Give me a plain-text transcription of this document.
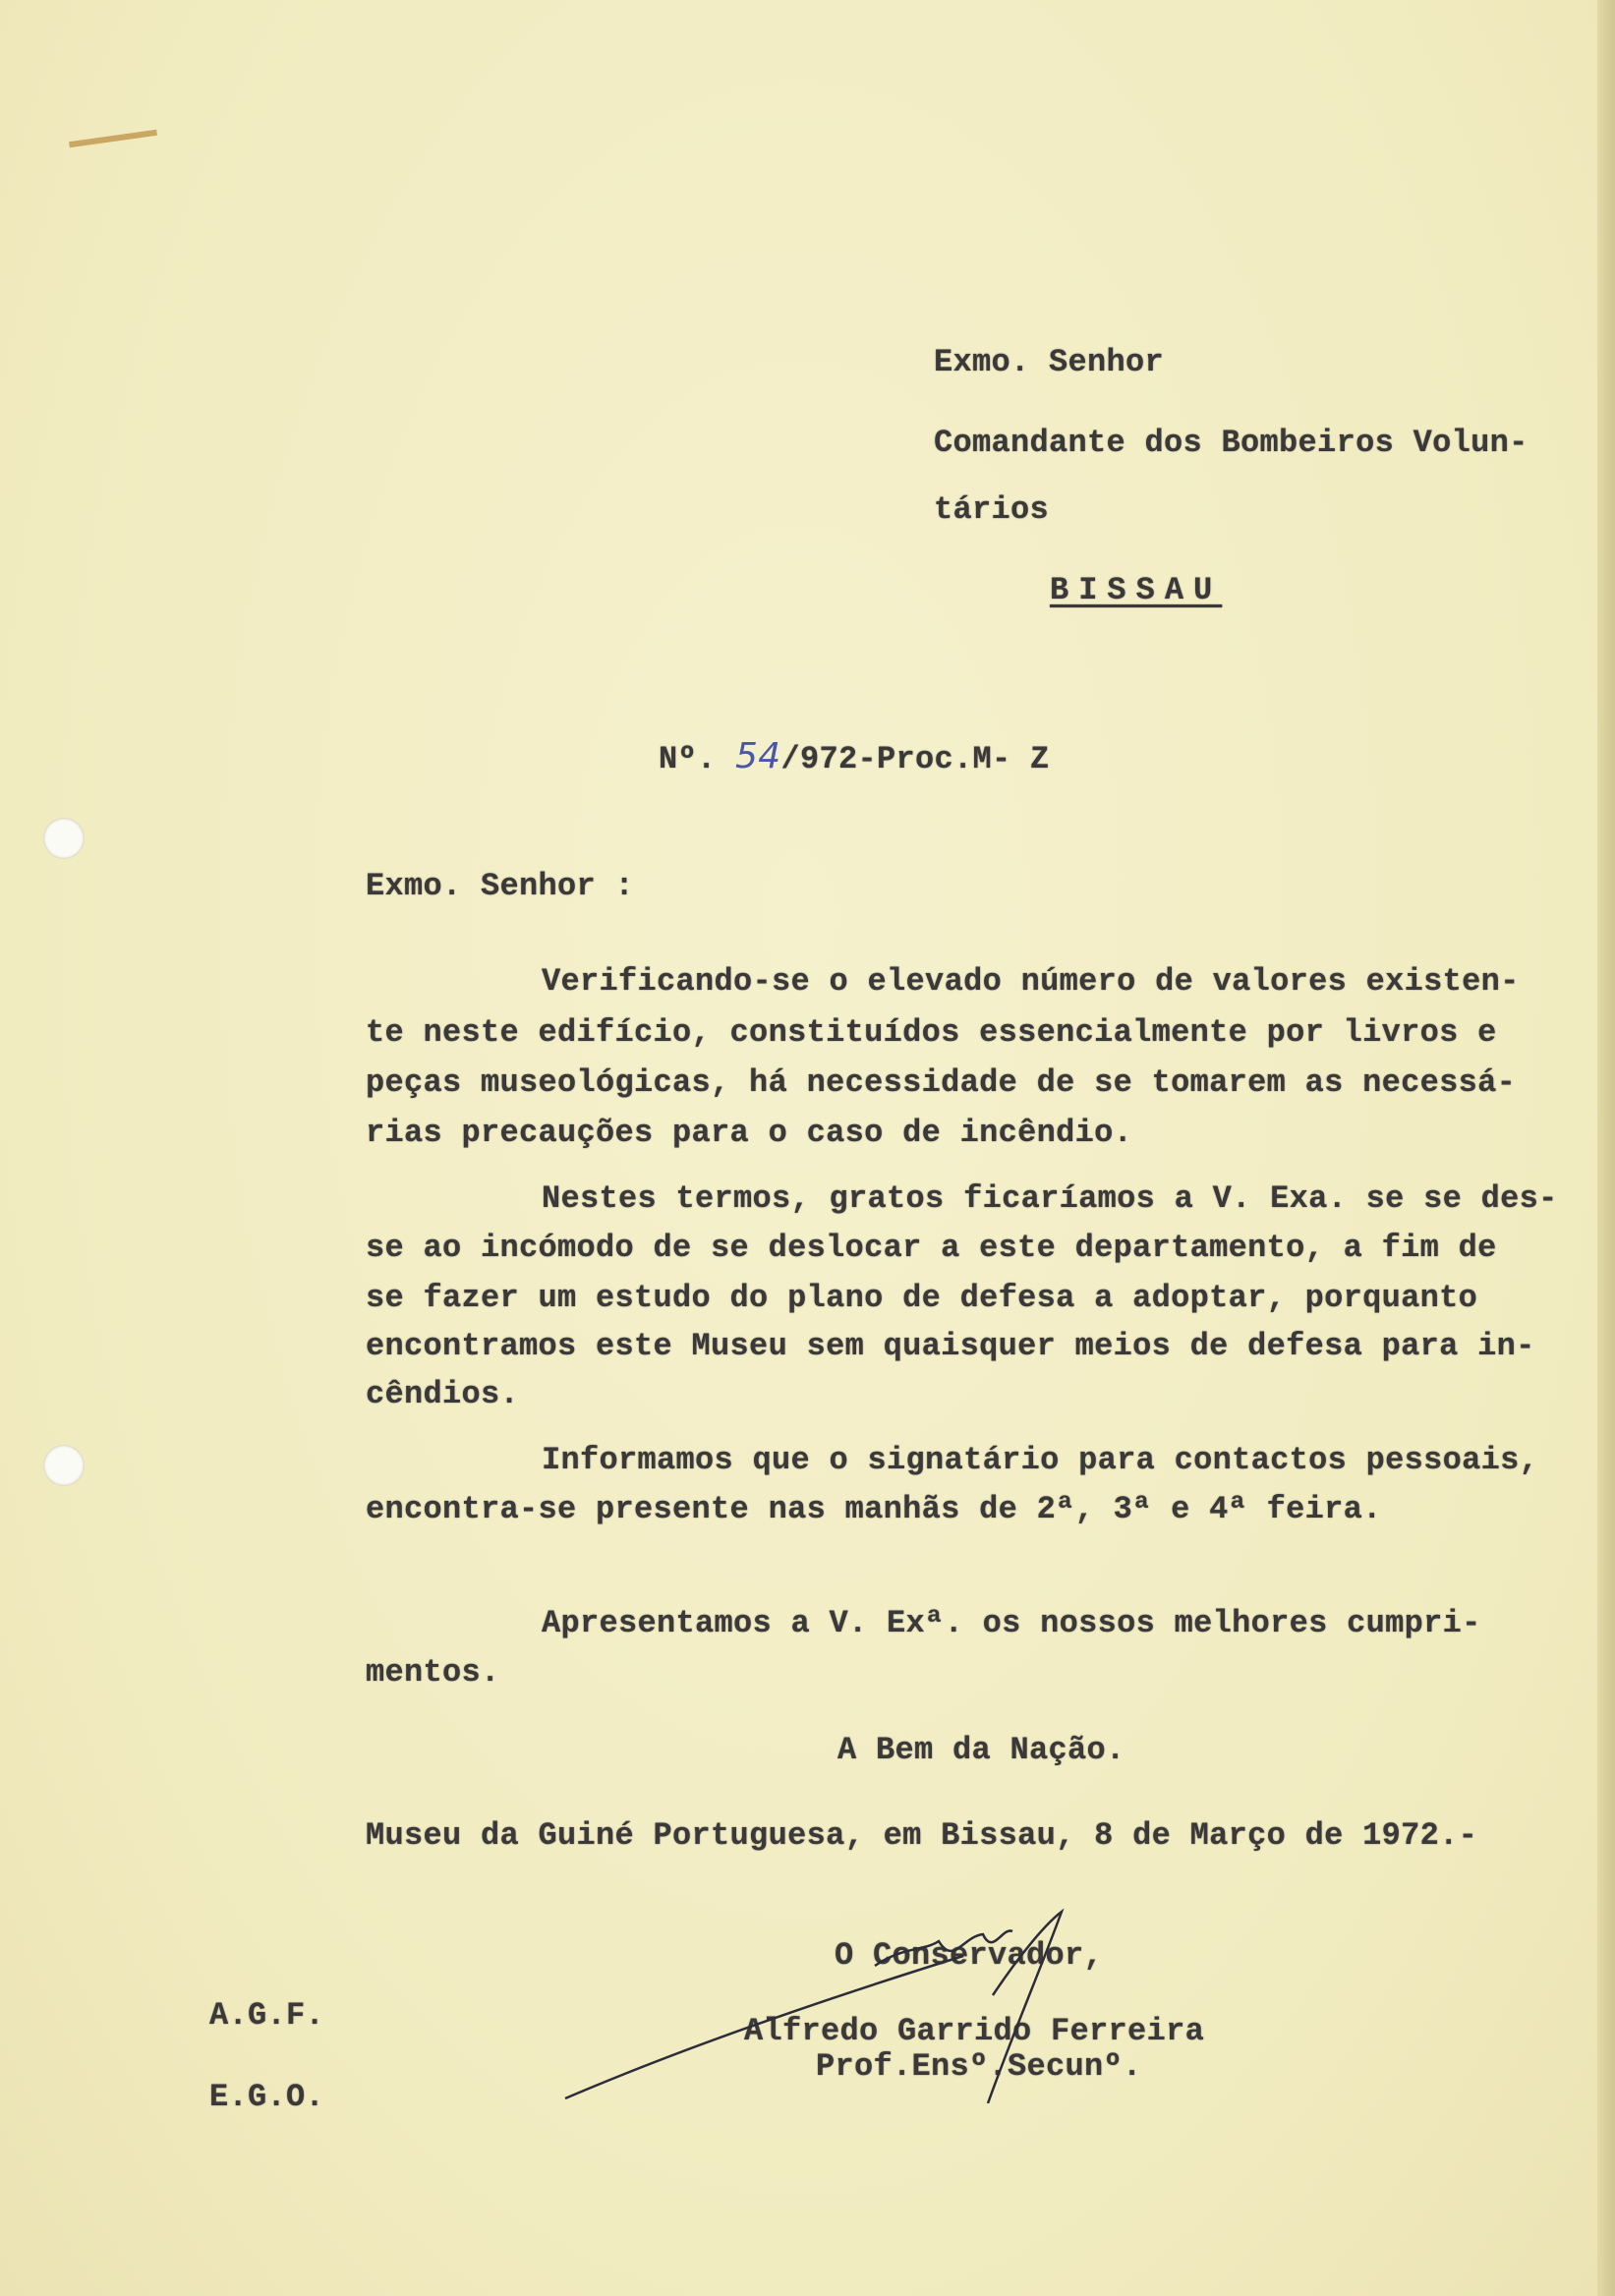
Exmo. Senhor
Comandante dos Bombeiros Volun-
tários
BISSAU
Nº. 54/972-Proc.M- Z
Exmo. Senhor :
Verificando-se o elevado número de valores existen-
te neste edifício, constituídos essencialmente por livros e
peças museológicas, há necessidade de se tomarem as necessá-
rias precauções para o caso de incêndio.
Nestes termos, gratos ficaríamos a V. Exa. se se des-
se ao incómodo de se deslocar a este departamento, a fim de
se fazer um estudo do plano de defesa a adoptar, porquanto
encontramos este Museu sem quaisquer meios de defesa para in-
cêndios.
Informamos que o signatário para contactos pessoais,
encontra-se presente nas manhãs de 2ª, 3ª e 4ª feira.
Apresentamos a V. Exª. os nossos melhores cumpri-
mentos.
A Bem da Nação.
Museu da Guiné Portuguesa, em Bissau, 8 de Março de 1972.-
O Conservador,
Alfredo Garrido Ferreira
Prof.Ensº.Secunº.
A.G.F.
E.G.O.
